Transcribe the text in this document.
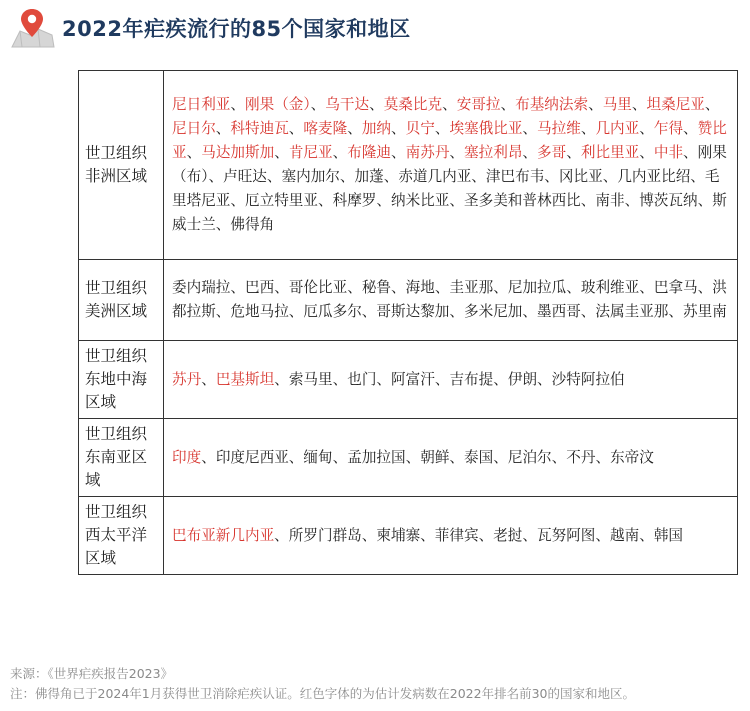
2022年疟疾流行的85个国家和地区
世卫组织非洲区域	尼日利亚、刚果（金）、乌干达、莫桑比克、安哥拉、布基纳法索、马里、坦桑尼亚、尼日尔、科特迪瓦、喀麦隆、加纳、贝宁、埃塞俄比亚、马拉维、几内亚、乍得、赞比亚、马达加斯加、肯尼亚、布隆迪、南苏丹、塞拉利昂、多哥、利比里亚、中非、刚果（布）、卢旺达、塞内加尔、加蓬、赤道几内亚、津巴布韦、冈比亚、几内亚比绍、毛里塔尼亚、厄立特里亚、科摩罗、纳米比亚、圣多美和普林西比、南非、博茨瓦纳、斯威士兰、佛得角

世卫组织美洲区域	委内瑞拉、巴西、哥伦比亚、秘鲁、海地、圭亚那、尼加拉瓜、玻利维亚、巴拿马、洪都拉斯、危地马拉、厄瓜多尔、哥斯达黎加、多米尼加、墨西哥、法属圭亚那、苏里南

世卫组织东地中海区域	苏丹、巴基斯坦、索马里、也门、阿富汗、吉布提、伊朗、沙特阿拉伯

世卫组织东南亚区域	印度、印度尼西亚、缅甸、孟加拉国、朝鲜、泰国、尼泊尔、不丹、东帝汶

世卫组织西太平洋区域	巴布亚新几内亚、所罗门群岛、柬埔寨、菲律宾、老挝、瓦努阿图、越南、韩国
来源：《世界疟疾报告2023》
注：佛得角已于2024年1月获得世卫消除疟疾认证。红色字体的为估计发病数在2022年排名前30的国家和地区。
